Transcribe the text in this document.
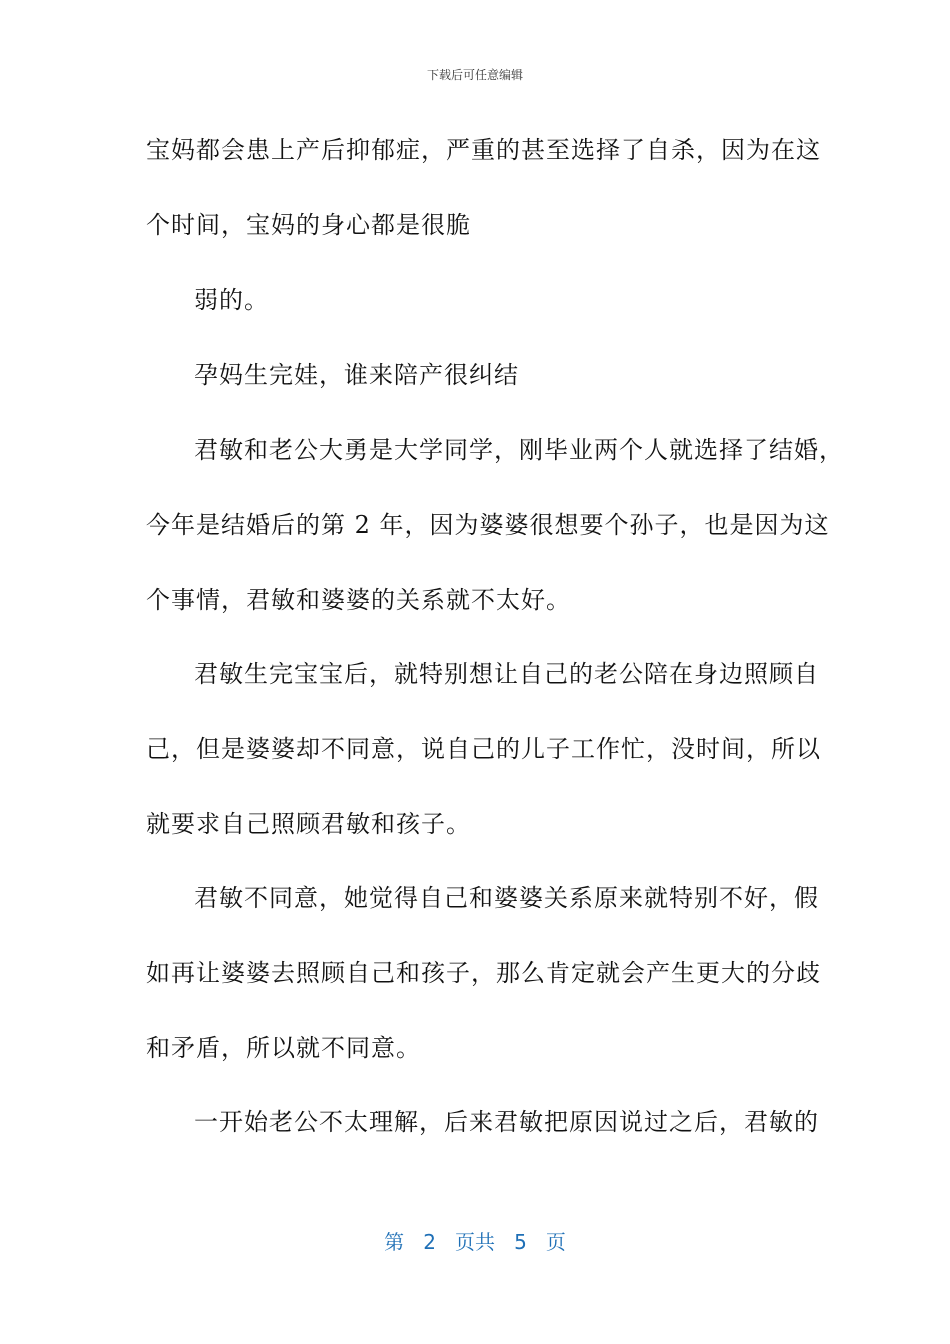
下载后可任意编辑
宝妈都会患上产后抑郁症，严重的甚至选择了自杀，因为在这
个时间，宝妈的身心都是很脆
弱的。
孕妈生完娃，谁来陪产很纠结
君敏和老公大勇是大学同学，刚毕业两个人就选择了结婚，
今年是结婚后的第 2 年，因为婆婆很想要个孙子，也是因为这
个事情，君敏和婆婆的关系就不太好。
君敏生完宝宝后，就特别想让自己的老公陪在身边照顾自
己，但是婆婆却不同意，说自己的儿子工作忙，没时间，所以
就要求自己照顾君敏和孩子。
君敏不同意，她觉得自己和婆婆关系原来就特别不好，假
如再让婆婆去照顾自己和孩子，那么肯定就会产生更大的分歧
和矛盾，所以就不同意。
一开始老公不太理解，后来君敏把原因说过之后，君敏的
第 2 页共 5 页
